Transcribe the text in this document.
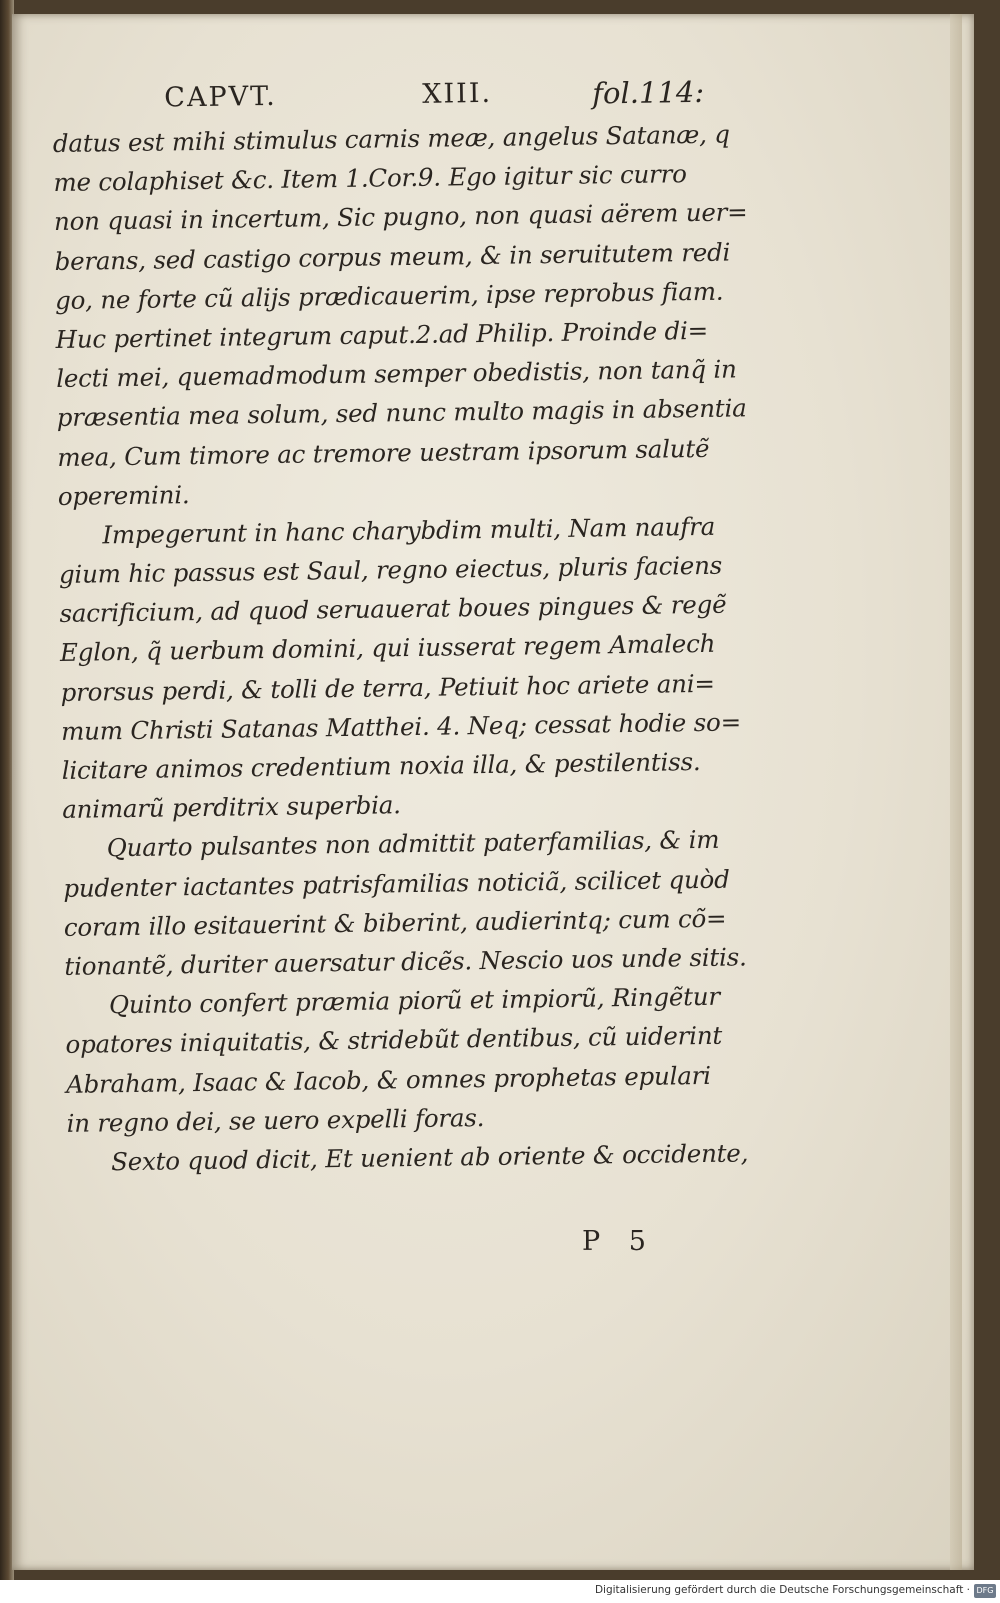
CAPVT.	XIII.	fol.114:
datus est mihi stimulus carnis meæ, angelus Satanæ, q
me colaphiset &c. Item 1.Cor.9. Ego igitur sic curro
non quasi in incertum, Sic pugno, non quasi aërem uer=
berans, sed castigo corpus meum, & in seruitutem redi
go, ne forte cũ alijs prædicauerim, ipse reprobus fiam.
Huc pertinet integrum caput.2.ad Philip. Proinde di=
lecti mei, quemadmodum semper obedistis, non tanq̃ in
præsentia mea solum, sed nunc multo magis in absentia
mea, Cum timore ac tremore uestram ipsorum salutẽ
operemini.
Impegerunt in hanc charybdim multi, Nam naufra
gium hic passus est Saul, regno eiectus, pluris faciens
sacrificium, ad quod seruauerat boues pingues & regẽ
Eglon, q̃ uerbum domini, qui iusserat regem Amalech
prorsus perdi, & tolli de terra, Petiuit hoc ariete ani=
mum Christi Satanas Matthei. 4. Neq; cessat hodie so=
licitare animos credentium noxia illa, & pestilentiss.
animarũ perditrix superbia.
Quarto pulsantes non admittit paterfamilias, & im
pudenter iactantes patrisfamilias noticiã, scilicet quòd
coram illo esitauerint & biberint, audierintq; cum cõ=
tionantẽ, duriter auersatur dicẽs. Nescio uos unde sitis.
Quinto confert præmia piorũ et impiorũ, Ringẽtur
opatores iniquitatis, & stridebũt dentibus, cũ uiderint
Abraham, Isaac & Iacob, & omnes prophetas epulari
in regno dei, se uero expelli foras.
Sexto quod dicit, Et uenient ab oriente & occidente,
P 5
Digitalisierung gefördert durch die Deutsche Forschungsgemeinschaft · DFG
